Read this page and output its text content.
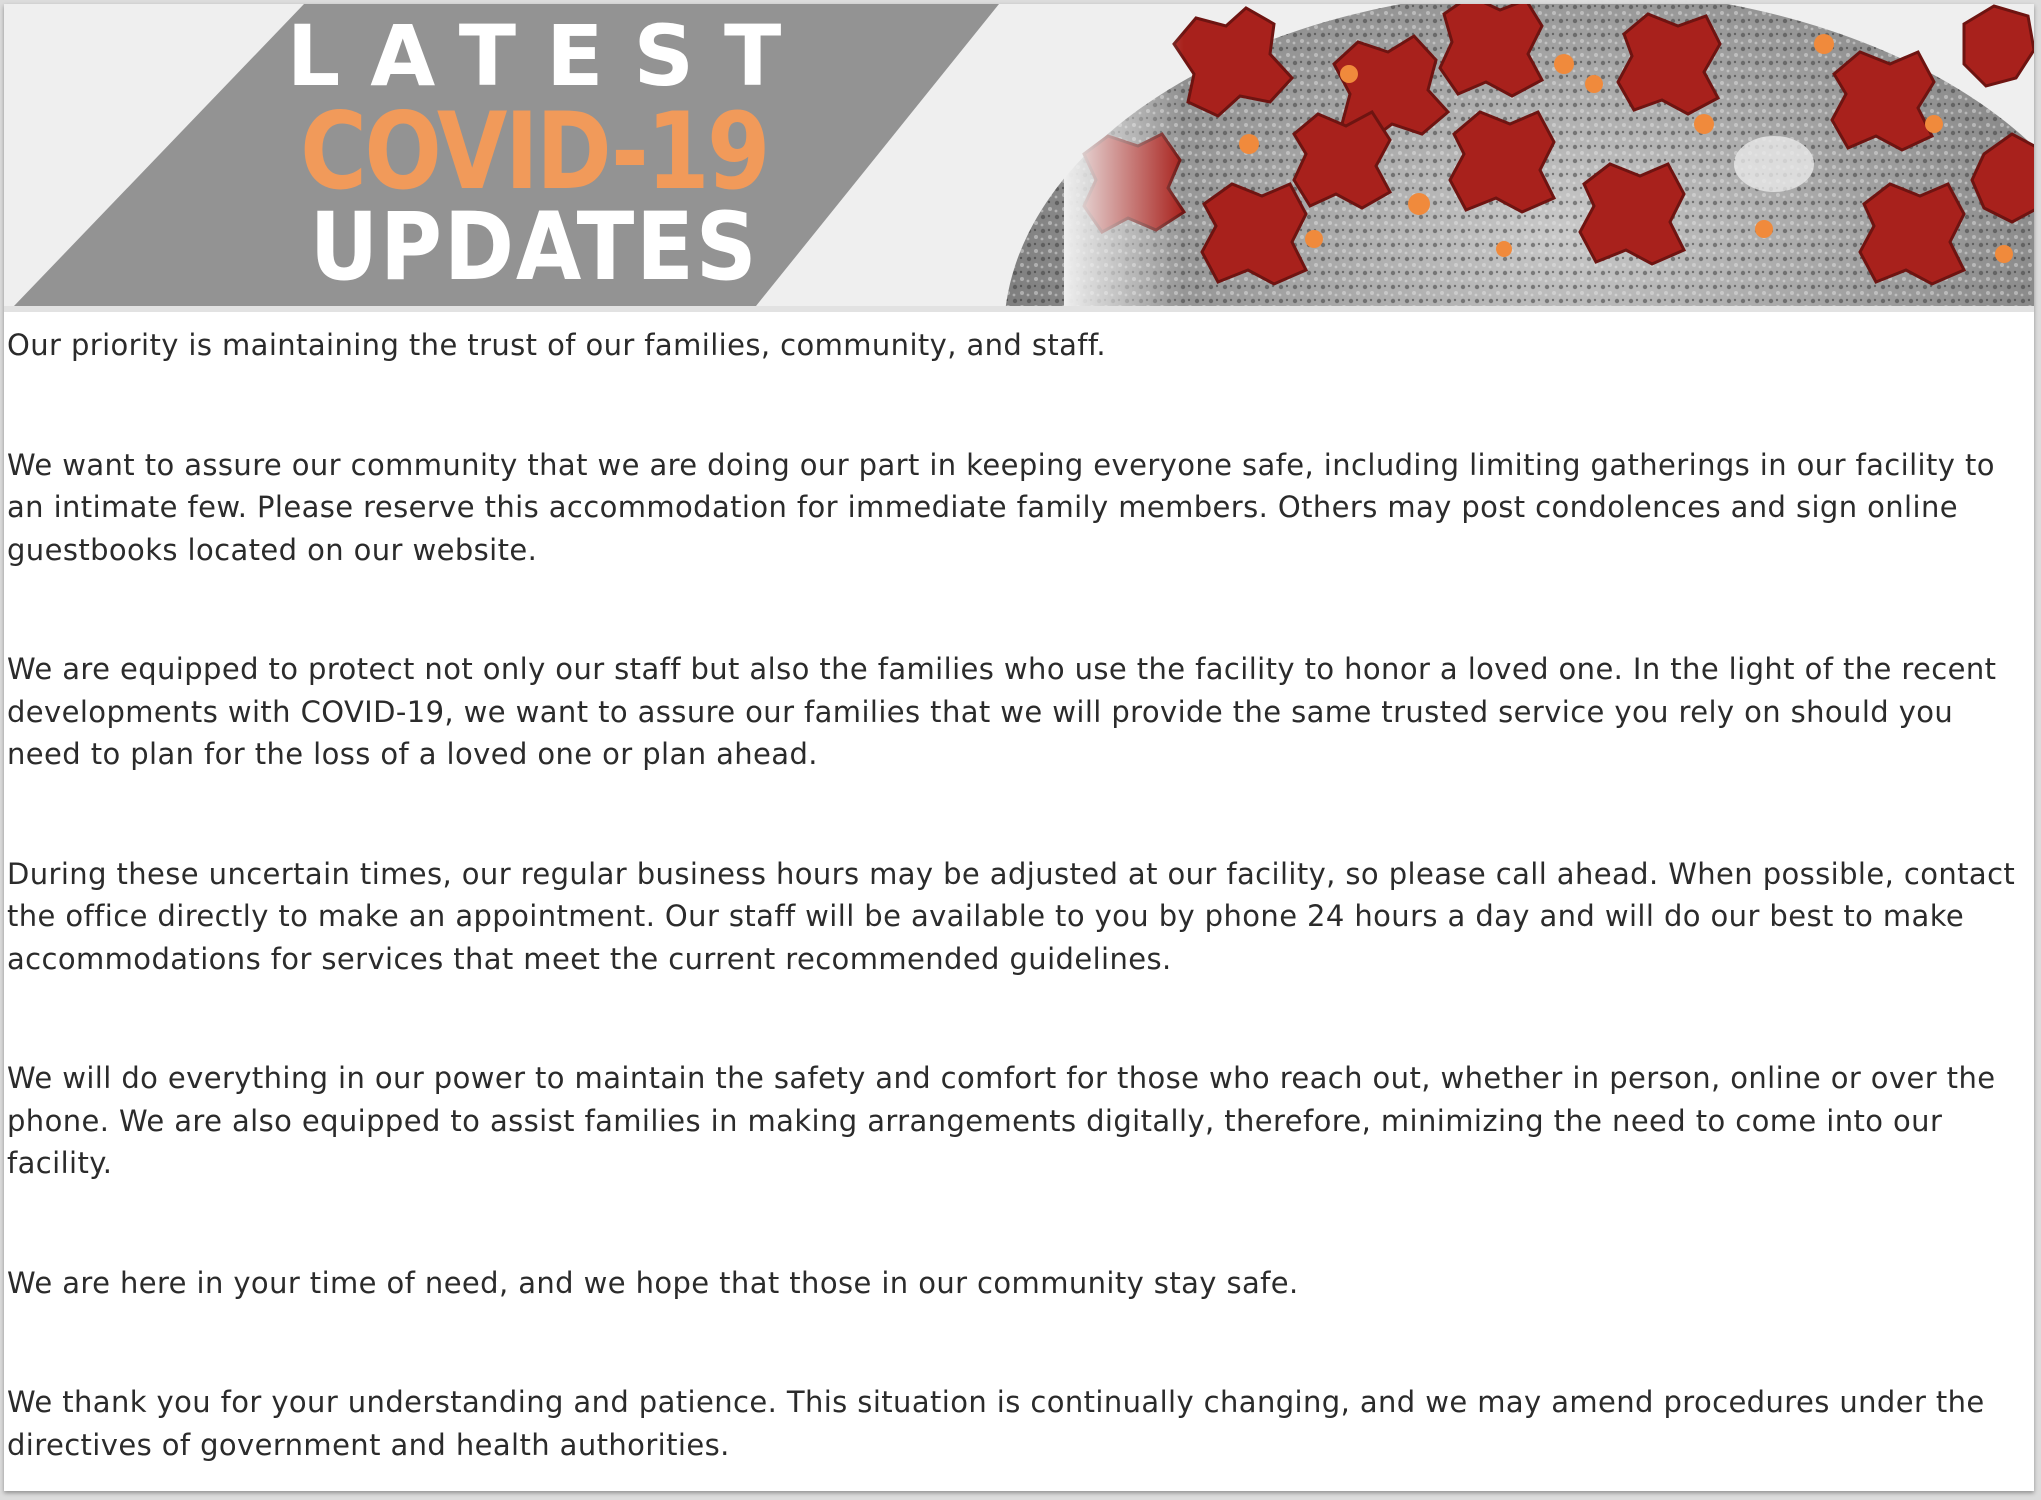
LATEST
COVID-19
UPDATES

Our priority is maintaining the trust of our families, community, and staff.

We want to assure our community that we are doing our part in keeping everyone safe, including limiting gatherings in our facility to an intimate few. Please reserve this accommodation for immediate family members. Others may post condolences and sign online guestbooks located on our website.

We are equipped to protect not only our staff but also the families who use the facility to honor a loved one. In the light of the recent developments with COVID-19, we want to assure our families that we will provide the same trusted service you rely on should you need to plan for the loss of a loved one or plan ahead.

During these uncertain times, our regular business hours may be adjusted at our facility, so please call ahead. When possible, contact the office directly to make an appointment. Our staff will be available to you by phone 24 hours a day and will do our best to make accommodations for services that meet the current recommended guidelines.

We will do everything in our power to maintain the safety and comfort for those who reach out, whether in person, online or over the phone. We are also equipped to assist families in making arrangements digitally, therefore, minimizing the need to come into our facility.

We are here in your time of need, and we hope that those in our community stay safe.

We thank you for your understanding and patience. This situation is continually changing, and we may amend procedures under the directives of government and health authorities.
